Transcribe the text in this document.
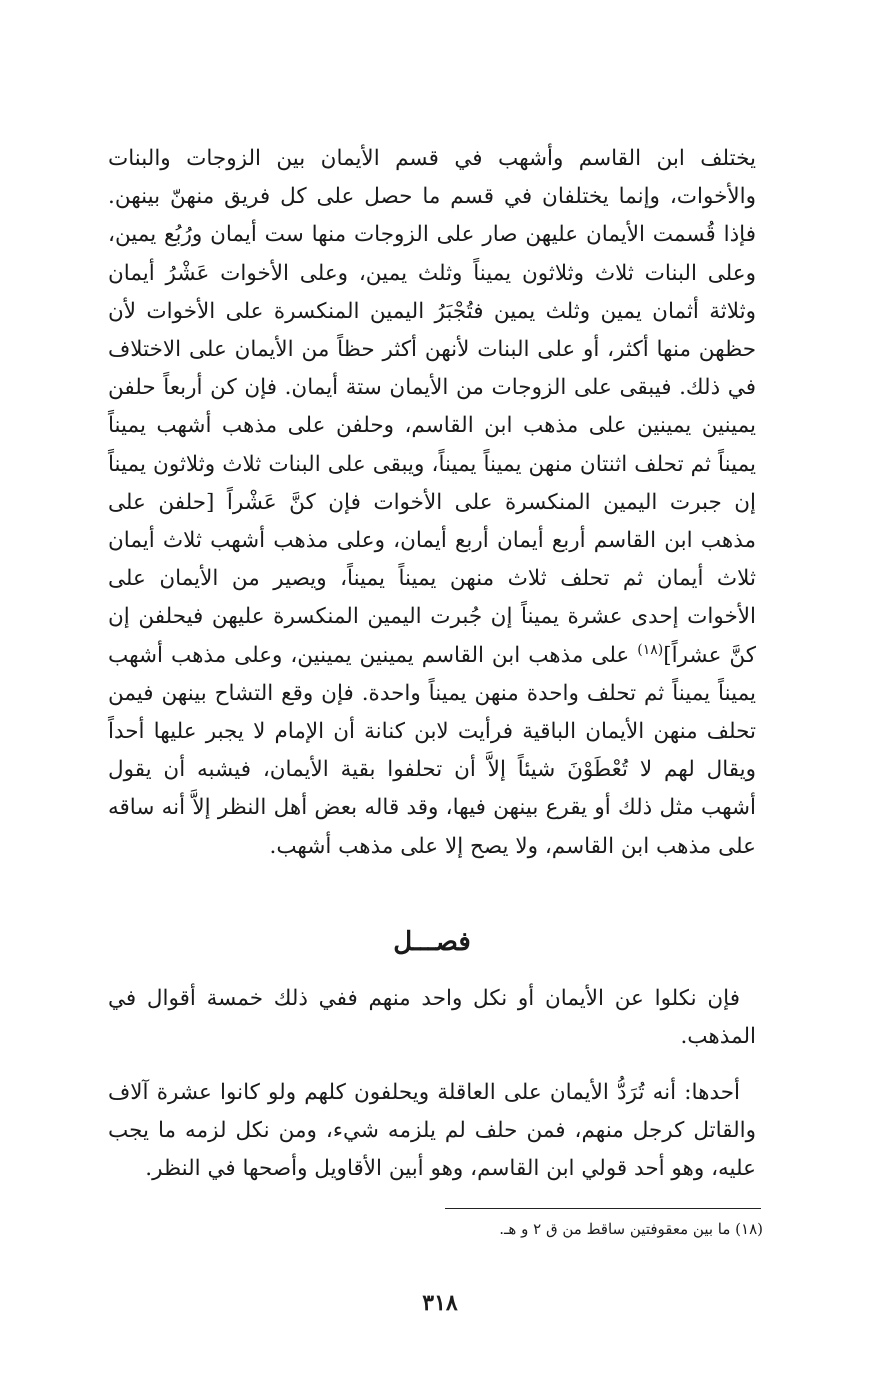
يختلف ابن القاسم وأشهب في قسم الأيمان بين الزوجات والبنات والأخوات، وإنما يختلفان في قسم ما حصل على كل فريق منهنّ بينهن. فإذا قُسمت الأيمان عليهن صار على الزوجات منها ست أيمان ورُبُع يمين، وعلى البنات ثلاث وثلاثون يميناً وثلث يمين، وعلى الأخوات عَشْرُ أيمان وثلاثة أثمان يمين وثلث يمين فتُجْبَرُ اليمين المنكسرة على الأخوات لأن حظهن منها أكثر، أو على البنات لأنهن أكثر حظاً من الأيمان على الاختلاف في ذلك. فيبقى على الزوجات من الأيمان ستة أيمان. فإن كن أربعاً حلفن يمينين يمينين على مذهب ابن القاسم، وحلفن على مذهب أشهب يميناً يميناً ثم تحلف اثنتان منهن يميناً يميناً، ويبقى على البنات ثلاث وثلاثون يميناً إن جبرت اليمين المنكسرة على الأخوات فإن كنَّ عَشْراً [حلفن على مذهب ابن القاسم أربع أيمان أربع أيمان، وعلى مذهب أشهب ثلاث أيمان ثلاث أيمان ثم تحلف ثلاث منهن يميناً يميناً، ويصير من الأيمان على الأخوات إحدى عشرة يميناً إن جُبرت اليمين المنكسرة عليهن فيحلفن إن كنَّ عشراً]$^{(١٨)}$ على مذهب ابن القاسم يمينين يمينين، وعلى مذهب أشهب يميناً يميناً ثم تحلف واحدة منهن يميناً واحدة. فإن وقع التشاح بينهن فيمن تحلف منهن الأيمان الباقية فرأيت لابن كنانة أن الإمام لا يجبر عليها أحداً ويقال لهم لا تُعْطَوْنَ شيئاً إلاَّ أن تحلفوا بقية الأيمان، فيشبه أن يقول أشهب مثل ذلك أو يقرع بينهن فيها، وقد قاله بعض أهل النظر إلاَّ أنه ساقه على مذهب ابن القاسم، ولا يصح إلا على مذهب أشهب.

فصـــل

فإن نكلوا عن الأيمان أو نكل واحد منهم ففي ذلك خمسة أقوال في المذهب.

أحدها: أنه تُرَدُّ الأيمان على العاقلة ويحلفون كلهم ولو كانوا عشرة آلاف والقاتل كرجل منهم، فمن حلف لم يلزمه شيء، ومن نكل لزمه ما يجب عليه، وهو أحد قولي ابن القاسم، وهو أبين الأقاويل وأصحها في النظر.

(١٨) ما بين معقوفتين ساقط من ق ٢ و هـ.

٣١٨
